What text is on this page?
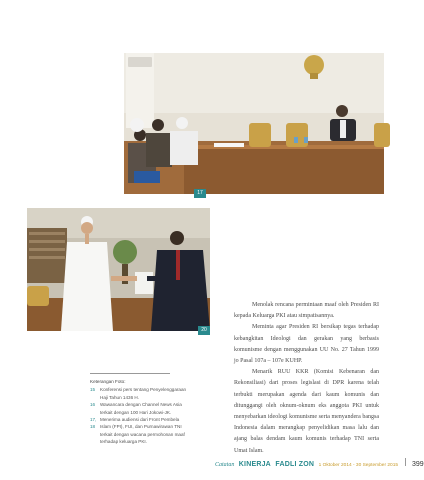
17
20
Keterangan Foto:
15	Konferensi pers tentang Penyelenggaraan Haji Tahun 1436 H.
16	Wawancara dengan Channel News Asia terkait dengan 100 Hari Jokowi-JK.
17, 18
Menerima audiensi dari Front Pembela Islam (FPI), FUI, dan Purnawirawan TNI terkait dengan wacana permohonan maaf terhadap keluarga PKI.

Menolak rencana permintaan maaf oleh Presiden RI kepada Keluarga PKI atau simpatisannya.

Meminta agar Presiden RI bersikap tegas terhadap kebangkitan Ideologi dan gerakan yang berbasis komunisme dengan menggunakan UU No. 27 Tahun 1999 jo Pasal 107a – 107e KUHP.

Menarik RUU KKR (Komisi Kebenaran dan Rekonsiliasi) dari proses legislasi di DPR karena telah terbukti merupakan agenda dari kaum komunis dan ditunggangi oleh oknum-oknum eks anggota PKI untuk menyebarkan ideologi komunisme serta menyandera bangsa Indonesia dalam merangkap penyelidikan masa lalu dan ajang balas dendam kaum komunis terhadap TNI serta Umat Islam.

Catatan KINERJA FADLI ZON 1 Oktober 2014 - 30 September 2015 399
